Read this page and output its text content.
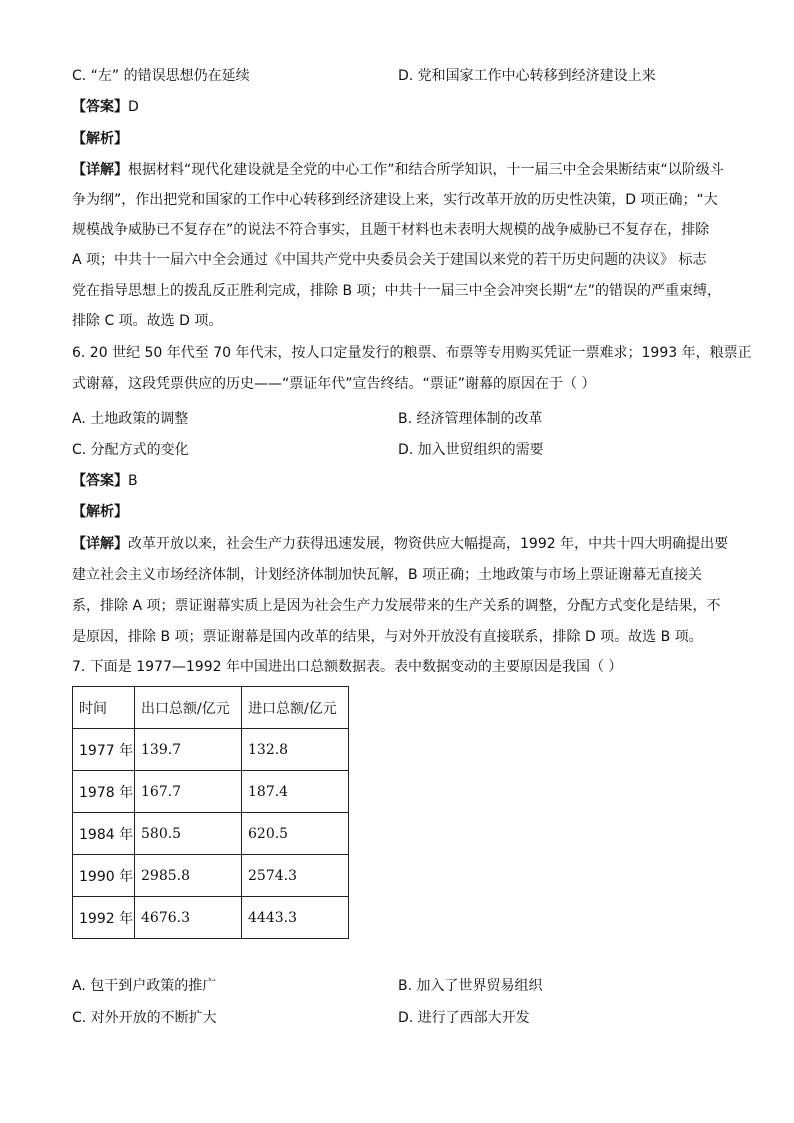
C. “左” 的错误思想仍在延续	D. 党和国家工作中心转移到经济建设上来
【答案】D
【解析】
【详解】根据材料“现代化建设就是全党的中心工作”和结合所学知识，十一届三中全会果断结束“以阶级斗
争为纲”，作出把党和国家的工作中心转移到经济建设上来，实行改革开放的历史性决策，D 项正确；“大
规模战争威胁已不复存在”的说法不符合事实，且题干材料也未表明大规模的战争威胁已不复存在，排除
A 项；中共十一届六中全会通过《中国共产党中央委员会关于建国以来党的若干历史问题的决议》 标志
党在指导思想上的拨乱反正胜利完成，排除 B 项；中共十一届三中全会冲突长期“左”的错误的严重束缚，
排除 C 项。故选 D 项。
6. 20 世纪 50 年代至 70 年代末，按人口定量发行的粮票、布票等专用购买凭证一票难求；1993 年，粮票正
式谢幕，这段凭票供应的历史——“票证年代”宣告终结。“票证”谢幕的原因在于（ ）
A. 土地政策的调整	B. 经济管理体制的改革
C. 分配方式的变化	D. 加入世贸组织的需要
【答案】B
【解析】
【详解】改革开放以来，社会生产力获得迅速发展，物资供应大幅提高，1992 年，中共十四大明确提出要
建立社会主义市场经济体制，计划经济体制加快瓦解，B 项正确；土地政策与市场上票证谢幕无直接关
系，排除 A 项；票证谢幕实质上是因为社会生产力发展带来的生产关系的调整，分配方式变化是结果，不
是原因，排除 B 项；票证谢幕是国内改革的结果，与对外开放没有直接联系，排除 D 项。故选 B 项。
7. 下面是 1977—1992 年中国进出口总额数据表。表中数据变动的主要原因是我国（ ）
时间	出口总额/亿元	进口总额/亿元
1977 年	139.7	132.8
1978 年	167.7	187.4
1984 年	580.5	620.5
1990 年	2985.8	2574.3
1992 年	4676.3	4443.3
A. 包干到户政策的推广	B. 加入了世界贸易组织
C. 对外开放的不断扩大	D. 进行了西部大开发
